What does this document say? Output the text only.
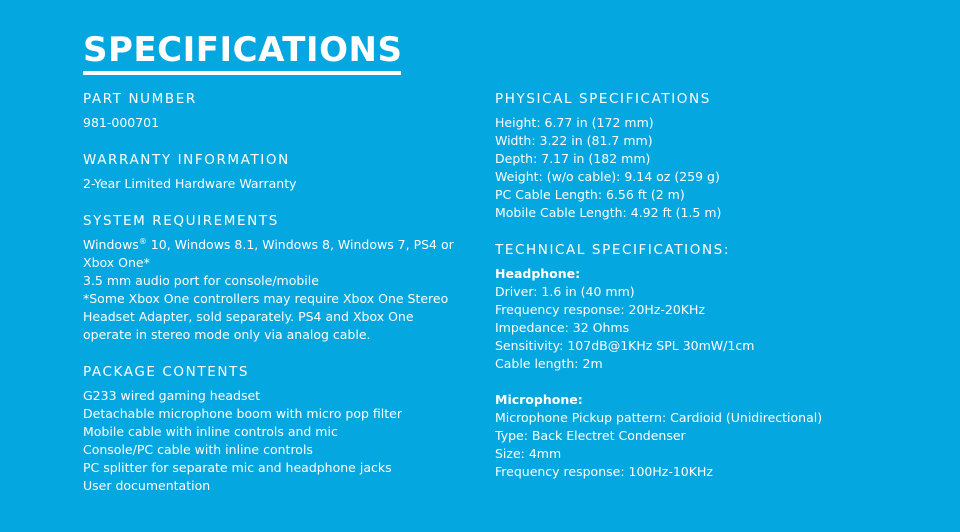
SPECIFICATIONS
PART NUMBER

981-000701

WARRANTY INFORMATION

2-Year Limited Hardware Warranty

SYSTEM REQUIREMENTS

Windows® 10, Windows 8.1, Windows 8, Windows 7, PS4 or

Xbox One*

3.5 mm audio port for console/mobile

*Some Xbox One controllers may require Xbox One Stereo

Headset Adapter, sold separately. PS4 and Xbox One

operate in stereo mode only via analog cable.

PACKAGE CONTENTS

G233 wired gaming headset

Detachable microphone boom with micro pop filter

Mobile cable with inline controls and mic

Console/PC cable with inline controls

PC splitter for separate mic and headphone jacks

User documentation

PHYSICAL SPECIFICATIONS

Height: 6.77 in (172 mm)

Width: 3.22 in (81.7 mm)

Depth: 7.17 in (182 mm)

Weight: (w/o cable): 9.14 oz (259 g)

PC Cable Length: 6.56 ft (2 m)

Mobile Cable Length: 4.92 ft (1.5 m)

TECHNICAL SPECIFICATIONS:

Headphone:

Driver: 1.6 in (40 mm)

Frequency response: 20Hz-20KHz

Impedance: 32 Ohms

Sensitivity: 107dB@1KHz SPL 30mW/1cm

Cable length: 2m

Microphone:

Microphone Pickup pattern: Cardioid (Unidirectional)

Type: Back Electret Condenser

Size: 4mm

Frequency response: 100Hz-10KHz
